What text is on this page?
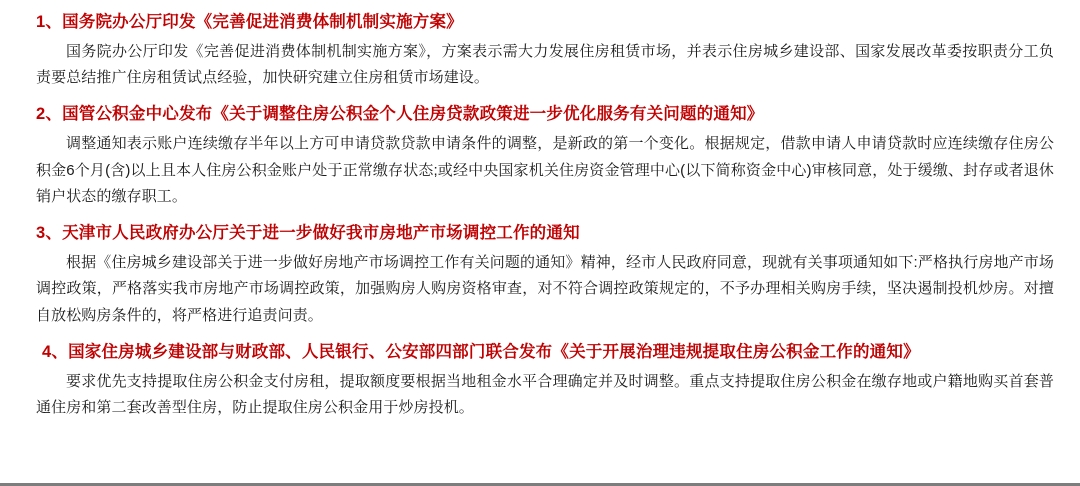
1、国务院办公厅印发《完善促进消费体制机制实施方案》

国务院办公厅印发《完善促进消费体制机制实施方案》，方案表示需大力发展住房租赁市场，并表示住房城乡建设部、国家发展改革委按职责分工负责要总结推广住房租赁试点经验，加快研究建立住房租赁市场建设。

2、国管公积金中心发布《关于调整住房公积金个人住房贷款政策进一步优化服务有关问题的通知》

调整通知表示账户连续缴存半年以上方可申请贷款贷款申请条件的调整，是新政的第一个变化。根据规定，借款申请人申请贷款时应连续缴存住房公积金6个月(含)以上且本人住房公积金账户处于正常缴存状态;或经中央国家机关住房资金管理中心(以下简称资金中心)审核同意，处于缓缴、封存或者退休销户状态的缴存职工。

3、天津市人民政府办公厅关于进一步做好我市房地产市场调控工作的通知

根据《住房城乡建设部关于进一步做好房地产市场调控工作有关问题的通知》精神，经市人民政府同意，现就有关事项通知如下:严格执行房地产市场调控政策，严格落实我市房地产市场调控政策，加强购房人购房资格审查，对不符合调控政策规定的，不予办理相关购房手续，坚决遏制投机炒房。对擅自放松购房条件的，将严格进行追责问责。

4、国家住房城乡建设部与财政部、人民银行、公安部四部门联合发布《关于开展治理违规提取住房公积金工作的通知》

要求优先支持提取住房公积金支付房租，提取额度要根据当地租金水平合理确定并及时调整。重点支持提取住房公积金在缴存地或户籍地购买首套普通住房和第二套改善型住房，防止提取住房公积金用于炒房投机。
